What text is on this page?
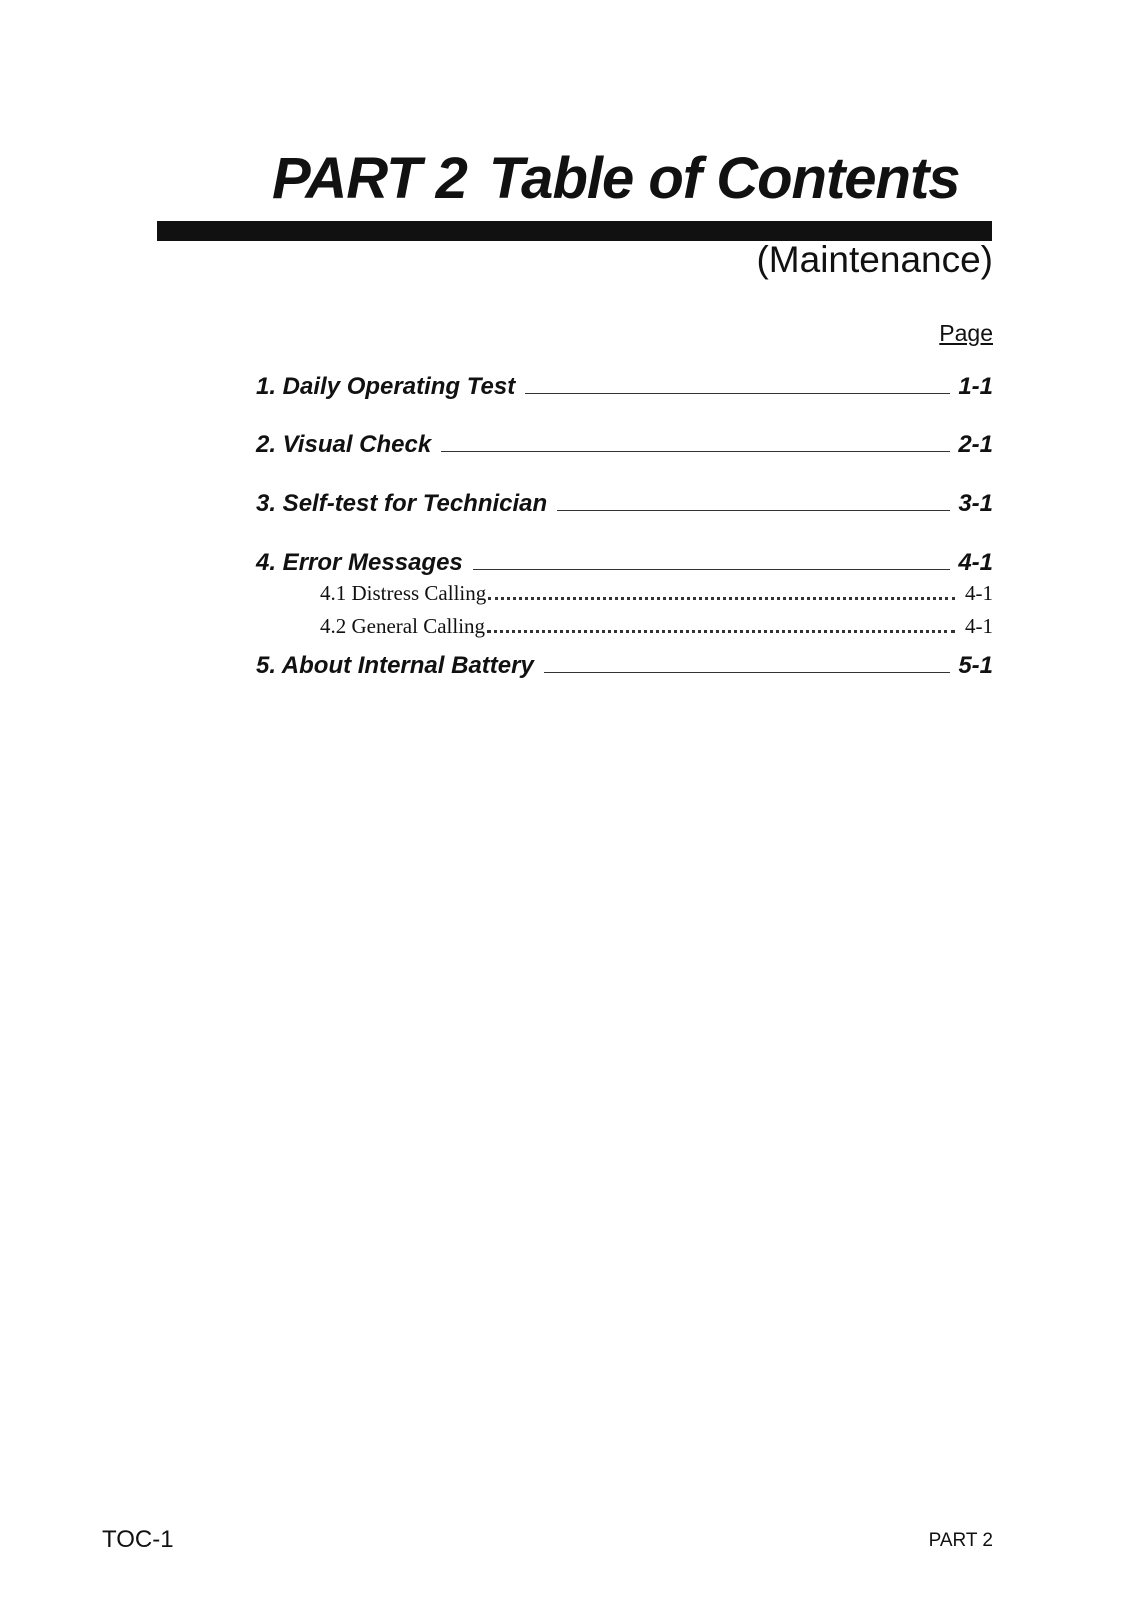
PART 2 Table of Contents
(Maintenance)
Page
1. Daily Operating Test	1-1
2. Visual Check	2-1
3. Self-test for Technician	3-1
4. Error Messages	4-1
4.1 Distress Calling	4-1
4.2 General Calling	4-1
5. About Internal Battery	5-1
TOC-1	PART 2
